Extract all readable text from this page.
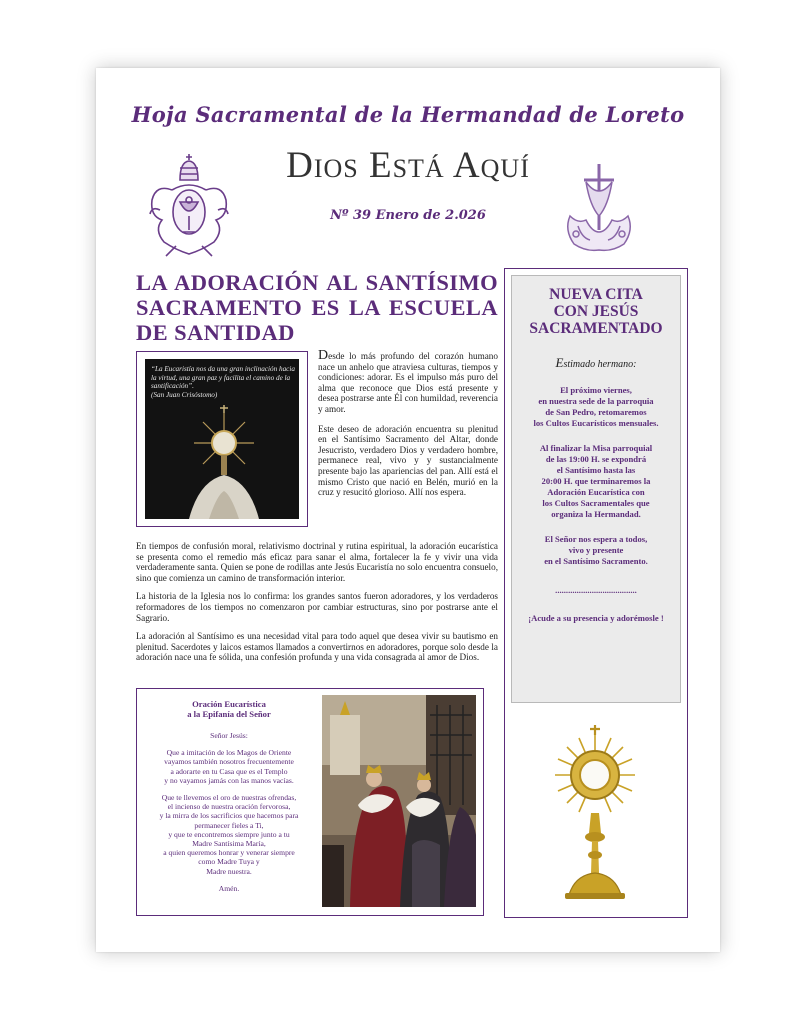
Hoja Sacramental de la Hermandad de Loreto
Dios Está Aquí
Nº 39 Enero de 2.026
LA ADORACIÓN AL SANTÍSIMO SACRAMENTO ES LA ESCUELA DE SANTIDAD
“La Eucaristía nos da una gran inclinación hacia la virtud, una gran paz y facilita el camino de la santificación”.
(San Juan Crisóstomo)

Desde lo más profundo del corazón humano nace un anhelo que atraviesa culturas, tiempos y condiciones: adorar. Es el impulso más puro del alma que reconoce que Dios está presente y desea postrarse ante Él con humildad, reverencia y amor.

Este deseo de adoración encuentra su plenitud en el Santísimo Sacramento del Altar, donde Jesucristo, verdadero Dios y verdadero hombre, permanece real, vivo y y sustancialmente presente bajo las apariencias del pan. Allí está el mismo Cristo que nació en Belén, murió en la cruz y resucitó glorioso. Allí nos espera.

En tiempos de confusión moral, relativismo doctrinal y rutina espiritual, la adoración eucarística se presenta como el remedio más eficaz para sanar el alma, fortalecer la fe y vivir una vida verdaderamente santa. Quien se pone de rodillas ante Jesús Eucaristía no solo encuentra consuelo, sino que comienza un camino de transformación interior.

La historia de la Iglesia nos lo confirma: los grandes santos fueron adoradores, y los verdaderos reformadores de los tiempos no comenzaron por cambiar estructuras, sino por postrarse ante el Sagrario.

La adoración al Santísimo es una necesidad vital para todo aquel que desea vivir su bautismo en plenitud. Sacerdotes y laicos estamos llamados a convertirnos en adoradores, porque solo desde la adoración nace una fe sólida, una confesión profunda y una vida consagrada al amor de Dios.

Oración Eucarística
a la Epifanía del Señor

Señor Jesús:

Que a imitación de los Magos de Oriente
vayamos también nosotros frecuentemente
a adorarte en tu Casa que es el Templo
y no vayamos jamás con las manos vacías.

Que te llevemos el oro de nuestras ofrendas,
el incienso de nuestra oración fervorosa,
y la mirra de los sacrificios que hacemos para
permanecer fieles a Ti,
y que te encontremos siempre junto a tu
Madre Santísima María,
a quien queremos honrar y venerar siempre
como Madre Tuya y
Madre nuestra.

Amén.

NUEVA CITA
CON JESÚS
SACRAMENTADO
Estimado hermano:
El próximo viernes,
en nuestra sede de la parroquia
de San Pedro, retomaremos
los Cultos Eucarísticos mensuales.
Al finalizar la Misa parroquial
de las 19:00 H. se expondrá
el Santísimo hasta las
20:00 H. que terminaremos la
Adoración Eucarística con
los Cultos Sacramentales que
organiza la Hermandad.
El Señor nos espera a todos,
vivo y presente
en el Santísimo Sacramento.
......................................
¡Acude a su presencia y adorémosle !
